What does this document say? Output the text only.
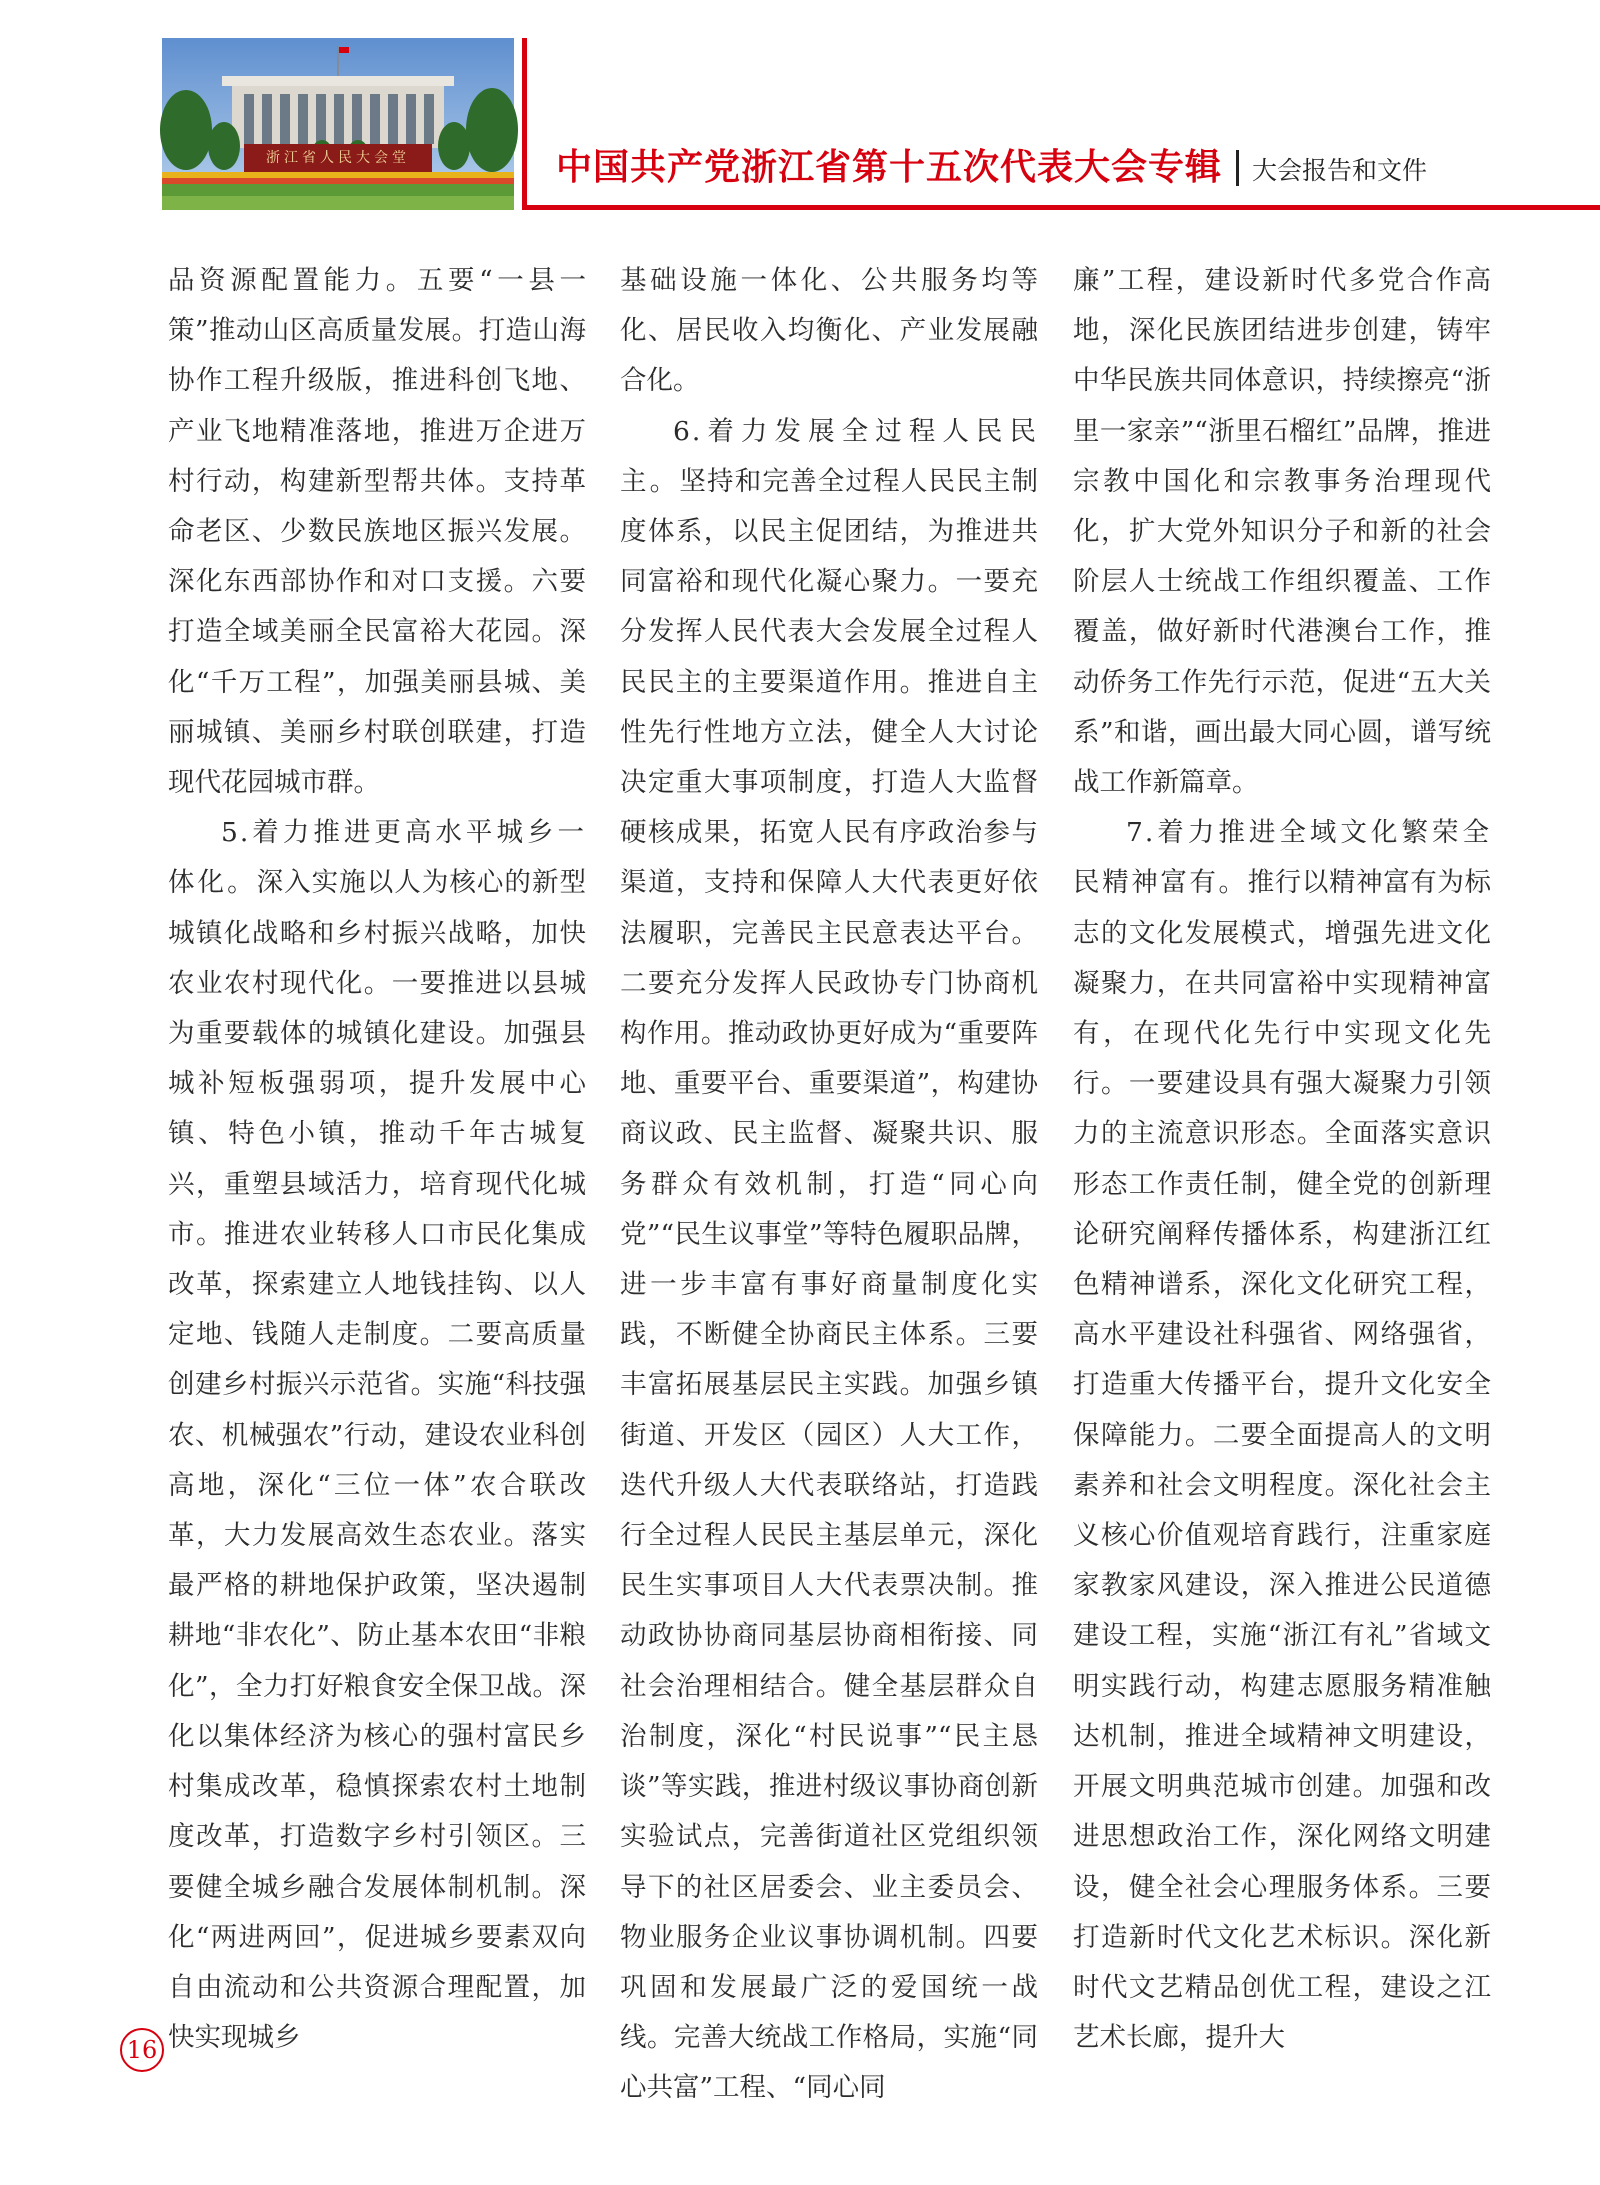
浙江省人民大会堂	中国共产党浙江省第十五次代表大会专辑 大会报告和文件

品资源配置能力。五要“一县一策”推动山区高质量发展。打造山海协作工程升级版，推进科创飞地、产业飞地精准落地，推进万企进万村行动，构建新型帮共体。支持革命老区、少数民族地区振兴发展。深化东西部协作和对口支援。六要打造全域美丽全民富裕大花园。深化“千万工程”，加强美丽县城、美丽城镇、美丽乡村联创联建，打造现代花园城市群。

5.着力推进更高水平城乡一体化。深入实施以人为核心的新型城镇化战略和乡村振兴战略，加快农业农村现代化。一要推进以县城为重要载体的城镇化建设。加强县城补短板强弱项，提升发展中心镇、特色小镇，推动千年古城复兴，重塑县域活力，培育现代化城市。推进农业转移人口市民化集成改革，探索建立人地钱挂钩、以人定地、钱随人走制度。二要高质量创建乡村振兴示范省。实施“科技强农、机械强农”行动，建设农业科创高地，深化“三位一体”农合联改革，大力发展高效生态农业。落实最严格的耕地保护政策，坚决遏制耕地“非农化”、防止基本农田“非粮化”，全力打好粮食安全保卫战。深化以集体经济为核心的强村富民乡村集成改革，稳慎探索农村土地制度改革，打造数字乡村引领区。三要健全城乡融合发展体制机制。深化“两进两回”，促进城乡要素双向自由流动和公共资源合理配置，加快实现城乡

基础设施一体化、公共服务均等化、居民收入均衡化、产业发展融合化。

6.着力发展全过程人民民主。坚持和完善全过程人民民主制度体系，以民主促团结，为推进共同富裕和现代化凝心聚力。一要充分发挥人民代表大会发展全过程人民民主的主要渠道作用。推进自主性先行性地方立法，健全人大讨论决定重大事项制度，打造人大监督硬核成果，拓宽人民有序政治参与渠道，支持和保障人大代表更好依法履职，完善民主民意表达平台。二要充分发挥人民政协专门协商机构作用。推动政协更好成为“重要阵地、重要平台、重要渠道”，构建协商议政、民主监督、凝聚共识、服务群众有效机制，打造“同心向党”“民生议事堂”等特色履职品牌，进一步丰富有事好商量制度化实践，不断健全协商民主体系。三要丰富拓展基层民主实践。加强乡镇街道、开发区（园区）人大工作，迭代升级人大代表联络站，打造践行全过程人民民主基层单元，深化民生实事项目人大代表票决制。推动政协协商同基层协商相衔接、同社会治理相结合。健全基层群众自治制度，深化“村民说事”“民主恳谈”等实践，推进村级议事协商创新实验试点，完善街道社区党组织领导下的社区居委会、业主委员会、物业服务企业议事协调机制。四要巩固和发展最广泛的爱国统一战线。完善大统战工作格局，实施“同心共富”工程、“同心同

廉”工程，建设新时代多党合作高地，深化民族团结进步创建，铸牢中华民族共同体意识，持续擦亮“浙里一家亲”“浙里石榴红”品牌，推进宗教中国化和宗教事务治理现代化，扩大党外知识分子和新的社会阶层人士统战工作组织覆盖、工作覆盖，做好新时代港澳台工作，推动侨务工作先行示范，促进“五大关系”和谐，画出最大同心圆，谱写统战工作新篇章。

7.着力推进全域文化繁荣全民精神富有。推行以精神富有为标志的文化发展模式，增强先进文化凝聚力，在共同富裕中实现精神富有，在现代化先行中实现文化先行。一要建设具有强大凝聚力引领力的主流意识形态。全面落实意识形态工作责任制，健全党的创新理论研究阐释传播体系，构建浙江红色精神谱系，深化文化研究工程，高水平建设社科强省、网络强省，打造重大传播平台，提升文化安全保障能力。二要全面提高人的文明素养和社会文明程度。深化社会主义核心价值观培育践行，注重家庭家教家风建设，深入推进公民道德建设工程，实施“浙江有礼”省域文明实践行动，构建志愿服务精准触达机制，推进全域精神文明建设，开展文明典范城市创建。加强和改进思想政治工作，深化网络文明建设，健全社会心理服务体系。三要打造新时代文化艺术标识。深化新时代文艺精品创优工程，建设之江艺术长廊，提升大

16
